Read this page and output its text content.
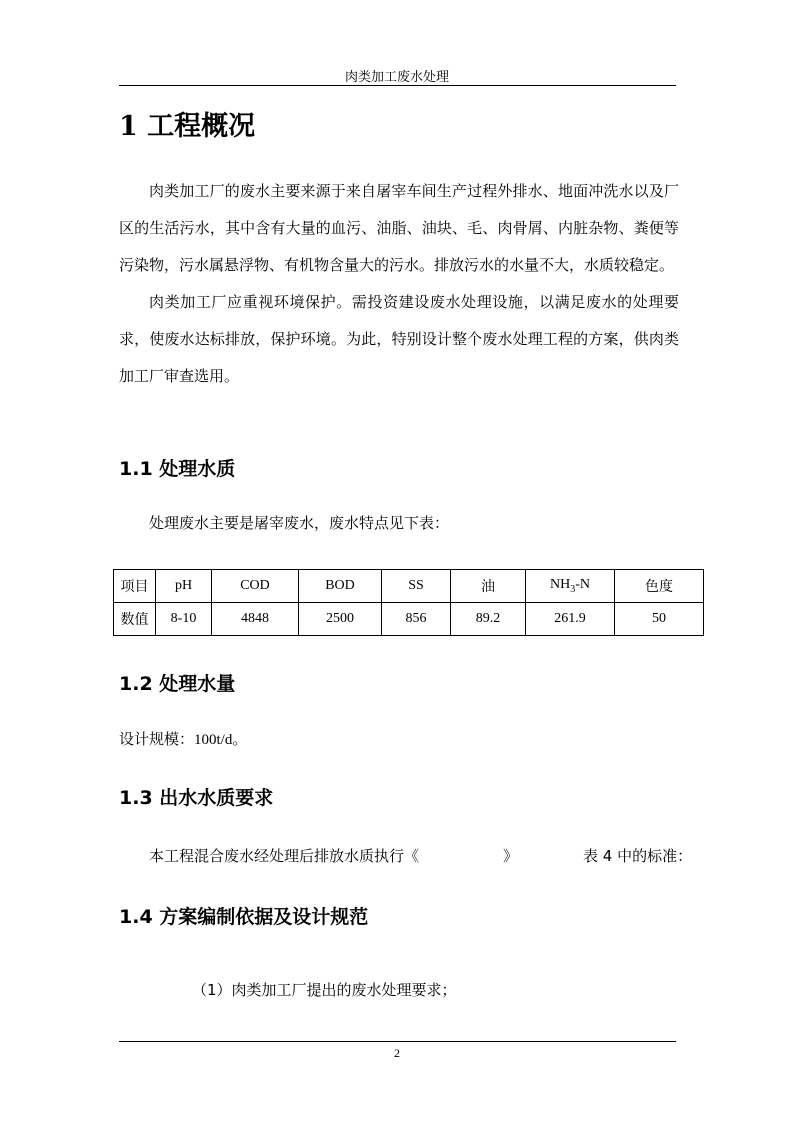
肉类加工废水处理
1 工程概况

肉类加工厂的废水主要来源于来自屠宰车间生产过程外排水、地面冲洗水以及厂区的生活污水，其中含有大量的血污、油脂、油块、毛、肉骨屑、内脏杂物、粪便等污染物，污水属悬浮物、有机物含量大的污水。排放污水的水量不大，水质较稳定。

肉类加工厂应重视环境保护。需投资建设废水处理设施，以满足废水的处理要求，使废水达标排放，保护环境。为此，特别设计整个废水处理工程的方案，供肉类加工厂审查选用。

1.1 处理水质
处理废水主要是屠宰废水，废水特点见下表：
项目	pH	COD	BOD	SS	油	$NH_3-N$	色度
数值	8-10	4848	2500	856	89.2	261.9	50
1.2 处理水量
设计规模：100t/d。
1.3 出水水质要求
本工程混合废水经处理后排放水质执行《	》	表 4 中的标准：
1.4 方案编制依据及设计规范
（1）肉类加工厂提出的废水处理要求；
2
